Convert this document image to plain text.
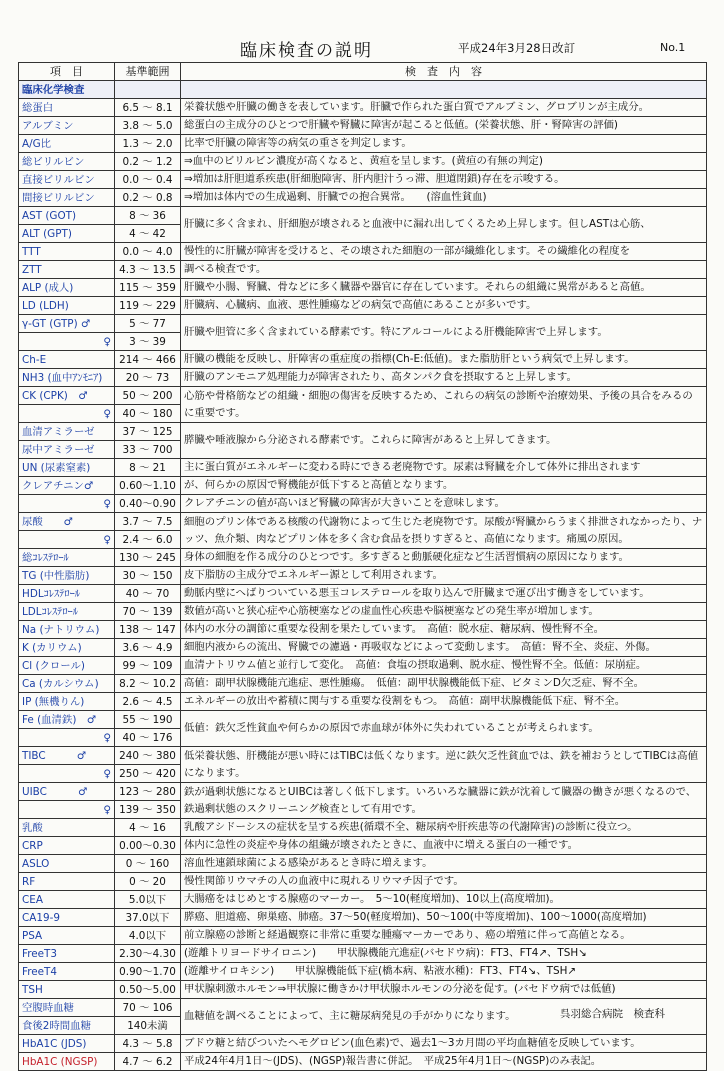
臨床検査の説明	平成24年3月28日改訂	No.1
項　目	基準範囲	検　査　内　容
臨床化学検査		
総蛋白	6.5 ～ 8.1	栄養状態や肝臓の働きを表しています。肝臓で作られた蛋白質でアルブミン、グロブリンが主成分。
アルブミン	3.8 ～ 5.0	総蛋白の主成分のひとつで肝臓や腎臓に障害が起こると低値。(栄養状態、肝・腎障害の評価)
A/G比	1.3 ～ 2.0	比率で肝臓の障害等の病気の重さを判定します。
総ビリルビン	0.2 ～ 1.2	⇒血中のビリルビン濃度が高くなると、黄疸を呈します。(黄疸の有無の判定)
直接ビリルビン	0.0 ～ 0.4	⇒増加は肝胆道系疾患(肝細胞障害、肝内胆汁うっ滞、胆道閉鎖)存在を示唆する。
間接ビリルビン	0.2 ～ 0.8	⇒増加は体内での生成過剰、肝臓での抱合異常。　　(溶血性貧血)
AST (GOT)	8 ～ 36	肝臓に多く含まれ、肝細胞が壊されると血液中に漏れ出してくるため上昇します。但しASTは心筋、
ALT (GPT)	4 ～ 42	
TTT	0.0 ～ 4.0	慢性的に肝臓が障害を受けると、その壊された細胞の一部が繊維化します。その繊維化の程度を
ZTT	4.3 ～ 13.5	調べる検査です。
ALP (成人)	115 ～ 359	肝臓や小腸、腎臓、骨などに多く臓器や器官に存在しています。それらの組織に異常があると高値。
LD (LDH)	119 ～ 229	肝臓病、心臓病、血液、悪性腫瘍などの病気で高値にあることが多いです。
γ-GT (GTP) ♂	5 ～ 77	肝臓や胆管に多く含まれている酵素です。特にアルコールによる肝機能障害で上昇します。
♀	3 ～ 39	
Ch-E	214 ～ 466	肝臓の機能を反映し、肝障害の重症度の指標(Ch-E:低値)。また脂肪肝という病気で上昇します。
NH3 (血中ｱﾝﾓﾆｱ)	20 ～ 73	肝臓のアンモニア処理能力が障害されたり、高タンパク食を摂取すると上昇します。
CK (CPK)　♂	50 ～ 200	心筋や骨格筋などの組織・細胞の傷害を反映するため、これらの病気の診断や治療効果、予後の具合をみるのに重要です。
♀	40 ～ 180	
血清アミラーゼ	37 ～ 125	膵臓や唾液腺から分泌される酵素です。これらに障害があると上昇してきます。
尿中アミラーゼ	33 ～ 700	
UN (尿素窒素)	8 ～ 21	主に蛋白質がエネルギーに変わる時にできる老廃物です。尿素は腎臓を介して体外に排出されます
クレアチニン♂	0.60～1.10	が、何らかの原因で腎機能が低下すると高値となります。
♀	0.40～0.90	クレアチニンの値が高いほど腎臓の障害が大きいことを意味します。
尿酸　　♂	3.7 ～ 7.5	細胞のプリン体である核酸の代謝物によって生じた老廃物です。尿酸が腎臓からうまく排泄されなかったり、ナッツ、魚介類、肉などプリン体を多く含む食品を摂りすぎると、高値になります。痛風の原因。
♀	2.4 ～ 6.0	
総ｺﾚｽﾃﾛｰﾙ	130 ～ 245	身体の細胞を作る成分のひとつです。多すぎると動脈硬化症など生活習慣病の原因になります。
TG (中性脂肪)	30 ～ 150	皮下脂肪の主成分でエネルギー源として利用されます。
HDLｺﾚｽﾃﾛｰﾙ	40 ～ 70	動脈内壁にへばりついている悪玉コレステロールを取り込んで肝臓まで運び出す働きをしています。
LDLｺﾚｽﾃﾛｰﾙ	70 ～ 139	数値が高いと狭心症や心筋梗塞などの虚血性心疾患や脳梗塞などの発生率が増加します。
Na (ナトリウム)	138 ～ 147	体内の水分の調節に重要な役割を果たしています。　高値：脱水症、糖尿病、慢性腎不全。
K (カリウム)	3.6 ～ 4.9	細胞内液からの流出、腎臓での濾過・再吸収などによって変動します。　高値：腎不全、炎症、外傷。
Cl (クロール)	99 ～ 109	血清ナトリウム値と並行して変化。　高値：食塩の摂取過剰、脱水症、慢性腎不全。低値：尿崩症。
Ca (カルシウム)	8.2 ～ 10.2	高値：副甲状腺機能亢進症、悪性腫瘍。　低値：副甲状腺機能低下症、ビタミンD欠乏症、腎不全。
IP (無機りん)	2.6 ～ 4.5	エネルギーの放出や蓄積に関与する重要な役割をもつ。　高値：副甲状腺機能低下症、腎不全。
Fe (血清鉄)　♂	55 ～ 190	低値：鉄欠乏性貧血や何らかの原因で赤血球が体外に失われていることが考えられます。
♀	40 ～ 176	
TIBC　　　♂	240 ～ 380	低栄養状態、肝機能が悪い時にはTIBCは低くなります。逆に鉄欠乏性貧血では、鉄を補おうとしてTIBCは高値になります。
♀	250 ～ 420	
UIBC　　　♂	123 ～ 280	鉄が過剰状態になるとUIBCは著しく低下します。いろいろな臓器に鉄が沈着して臓器の働きが悪くなるので、鉄過剰状態のスクリーニング検査として有用です。
♀	139 ～ 350	
乳酸	4 ～ 16	乳酸アシドーシスの症状を呈する疾患(循環不全、糖尿病や肝疾患等の代謝障害)の診断に役立つ。
CRP	0.00～0.30	体内に急性の炎症や身体の組織が壊されたときに、血液中に増える蛋白の一種です。
ASLO	0 ～ 160	溶血性連鎖球菌による感染があるとき時に増えます。
RF	0 ～ 20	慢性関節リウマチの人の血液中に現れるリウマチ因子です。
CEA	5.0以下	大腸癌をはじめとする腺癌のマーカー。　5～10(軽度増加)、10以上(高度増加)。
CA19-9	37.0以下	膵癌、胆道癌、卵巣癌、肺癌。37～50(軽度増加)、50～100(中等度増加)、100～1000(高度増加)
PSA	4.0以下	前立腺癌の診断と経過観察に非常に重要な腫瘍マーカーであり、癌の増殖に伴って高値となる。
FreeT3	2.30～4.30	(遊離トリヨードサイロニン)　　甲状腺機能亢進症(バセドウ病)：FT3、FT4↗、TSH↘
FreeT4	0.90～1.70	(遊離サイロキシン)　　甲状腺機能低下症(橋本病、粘液水種)：FT3、FT4↘、TSH↗
TSH	0.50～5.00	甲状腺刺激ホルモン⇒甲状腺に働きかけ甲状腺ホルモンの分泌を促す。(バセドウ病では低値)
空腹時血糖	70 ～ 106	血糖値を調べることによって、主に糖尿病発見の手がかりになります。
食後2時間血糖	140未満	
HbA1C (JDS)	4.3 ～ 5.8	ブドウ糖と結びついたヘモグロビン(血色素)で、過去1～3カ月間の平均血糖値を反映しています。
HbA1C (NGSP)	4.7 ～ 6.2	平成24年4月1日～(JDS)、(NGSP)報告書に併記。　平成25年4月1日～(NGSP)のみ表記。
呉羽総合病院　検査科
